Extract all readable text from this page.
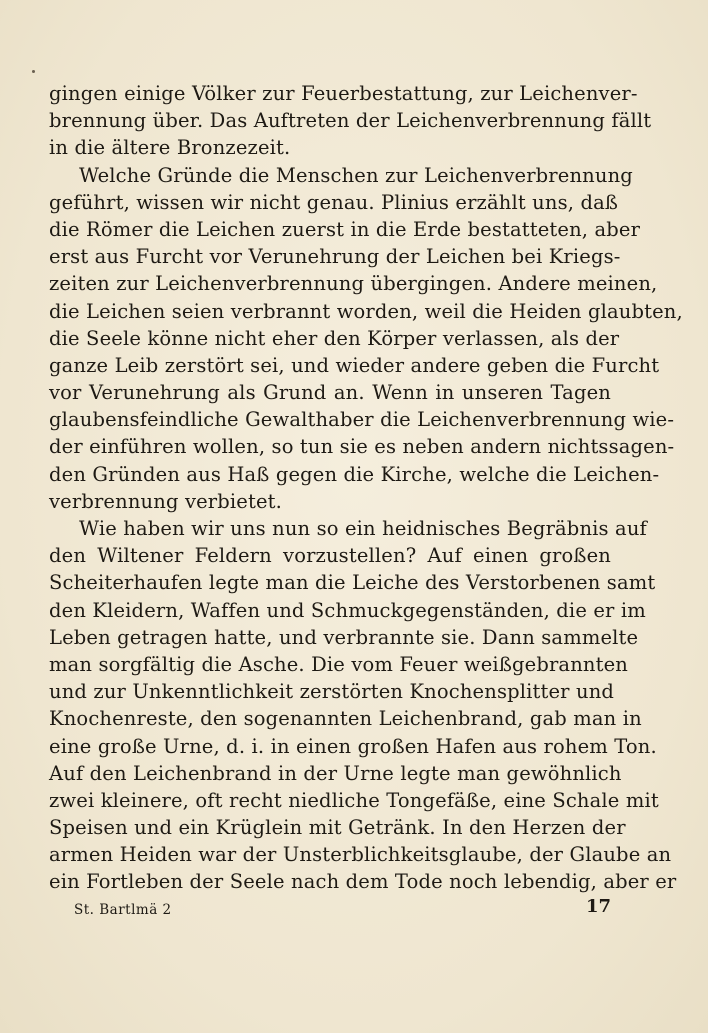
gingen einige Völker zur Feuerbestattung, zur Leichenver-
brennung über. Das Auftreten der Leichenverbrennung fällt
in die ältere Bronzezeit.
Welche Gründe die Menschen zur Leichenverbrennung
geführt, wissen wir nicht genau. Plinius erzählt uns, daß
die Römer die Leichen zuerst in die Erde bestatteten, aber
erst aus Furcht vor Verunehrung der Leichen bei Kriegs-
zeiten zur Leichenverbrennung übergingen. Andere meinen,
die Leichen seien verbrannt worden, weil die Heiden glaubten,
die Seele könne nicht eher den Körper verlassen, als der
ganze Leib zerstört sei, und wieder andere geben die Furcht
vor Verunehrung als Grund an. Wenn in unseren Tagen
glaubensfeindliche Gewalthaber die Leichenverbrennung wie-
der einführen wollen, so tun sie es neben andern nichtssagen-
den Gründen aus Haß gegen die Kirche, welche die Leichen-
verbrennung verbietet.
Wie haben wir uns nun so ein heidnisches Begräbnis auf
den Wiltener Feldern vorzustellen? Auf einen großen
Scheiterhaufen legte man die Leiche des Verstorbenen samt
den Kleidern, Waffen und Schmuckgegenständen, die er im
Leben getragen hatte, und verbrannte sie. Dann sammelte
man sorgfältig die Asche. Die vom Feuer weißgebrannten
und zur Unkenntlichkeit zerstörten Knochensplitter und
Knochenreste, den sogenannten Leichenbrand, gab man in
eine große Urne, d. i. in einen großen Hafen aus rohem Ton.
Auf den Leichenbrand in der Urne legte man gewöhnlich
zwei kleinere, oft recht niedliche Tongefäße, eine Schale mit
Speisen und ein Krüglein mit Getränk. In den Herzen der
armen Heiden war der Unsterblichkeitsglaube, der Glaube an
ein Fortleben der Seele nach dem Tode noch lebendig, aber er
St. Bartlmä 2	17
